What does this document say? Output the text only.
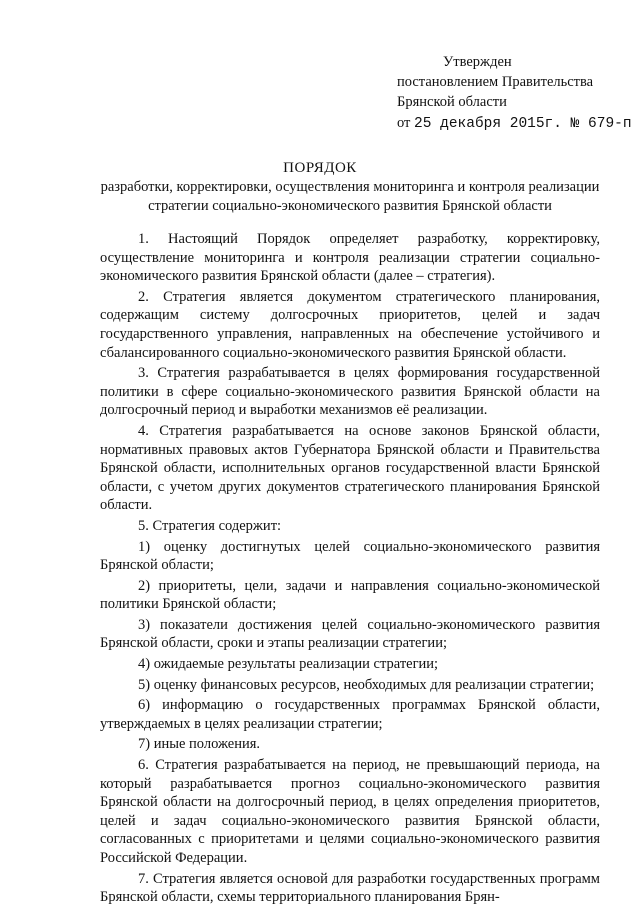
Утвержден
постановлением Правительства
Брянской области
от 25 декабря 2015г. № 679-п
ПОРЯДОК
разработки, корректировки, осуществления мониторинга и контроля реализации стратегии социально-экономического развития Брянской области

1. Настоящий Порядок определяет разработку, корректировку, осуществление мониторинга и контроля реализации стратегии социально-экономического развития Брянской области (далее – стратегия).

2. Стратегия является документом стратегического планирования, содержащим систему долгосрочных приоритетов, целей и задач государственного управления, направленных на обеспечение устойчивого и сбалансированного социально-экономического развития Брянской области.

3. Стратегия разрабатывается в целях формирования государственной политики в сфере социально-экономического развития Брянской области на долгосрочный период и выработки механизмов её реализации.

4. Стратегия разрабатывается на основе законов Брянской области, нормативных правовых актов Губернатора Брянской области и Правительства Брянской области, исполнительных органов государственной власти Брянской области, с учетом других документов стратегического планирования Брянской области.

5. Стратегия содержит:

1) оценку достигнутых целей социально-экономического развития Брянской области;

2) приоритеты, цели, задачи и направления социально-экономической политики Брянской области;

3) показатели достижения целей социально-экономического развития Брянской области, сроки и этапы реализации стратегии;

4) ожидаемые результаты реализации стратегии;

5) оценку финансовых ресурсов, необходимых для реализации стратегии;

6) информацию о государственных программах Брянской области, утверждаемых в целях реализации стратегии;

7) иные положения.

6. Стратегия разрабатывается на период, не превышающий периода, на который разрабатывается прогноз социально-экономического развития Брянской области на долгосрочный период, в целях определения приоритетов, целей и задач социально-экономического развития Брянской области, согласованных с приоритетами и целями социально-экономического развития Российской Федерации.

7. Стратегия является основой для разработки государственных программ Брянской области, схемы территориального планирования Брян-
